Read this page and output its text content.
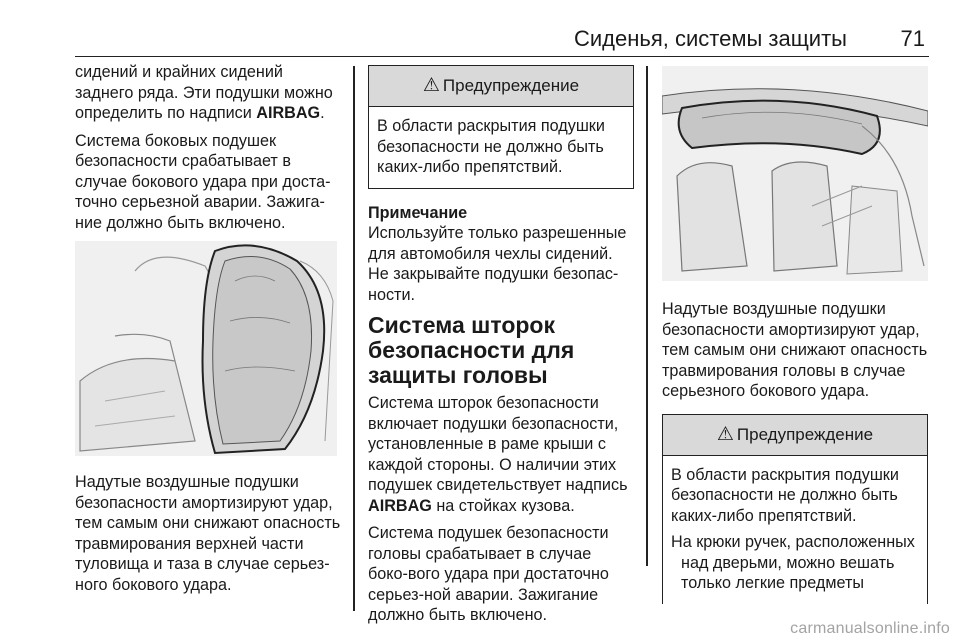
Сиденья, системы защиты 71

сидений и крайних сидений заднего ряда. Эти подушки можно определить по надписи AIRBAG.

Система боковых подушек безопасности срабатывает в случае бокового удара при доста-точно серьезной аварии. Зажига-ние должно быть включено.

Надутые воздушные подушки безопасности амортизируют удар, тем самым они снижают опасность травмирования верхней части туловища и таза в случае серьез-ного бокового удара.

⚠ Предупреждение

В области раскрытия подушки безопасности не должно быть каких-либо препятствий.

Примечание
Используйте только разрешенные для автомобиля чехлы сидений.
Не закрывайте подушки безопас-ности.
Система шторок безопасности для защиты головы

Система шторок безопасности включает подушки безопасности, установленные в раме крыши с каждой стороны. О наличии этих подушек свидетельствует надпись AIRBAG на стойках кузова.

Система подушек безопасности головы срабатывает в случае боко-вого удара при достаточно серьез-ной аварии. Зажигание должно быть включено.

Надутые воздушные подушки безопасности амортизируют удар, тем самым они снижают опасность травмирования головы в случае серьезного бокового удара.

⚠ Предупреждение

В области раскрытия подушки безопасности не должно быть каких-либо препятствий.

На крюки ручек, расположенных над дверьми, можно вешать только легкие предметы

carmanualsonline.info
